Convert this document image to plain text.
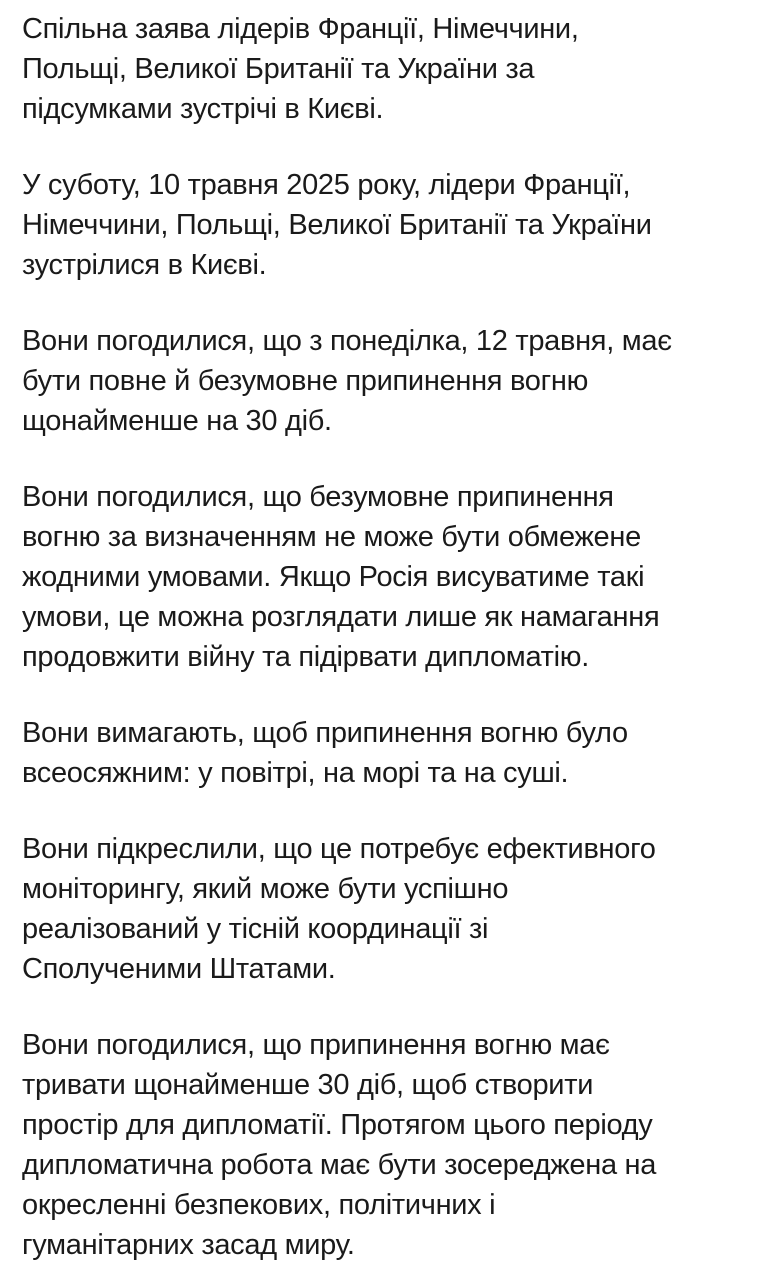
Спільна заява лідерів Франції, Німеччини,
Польщі, Великої Британії та України за
підсумками зустрічі в Києві.

У суботу, 10 травня 2025 року, лідери Франції,
Німеччини, Польщі, Великої Британії та України
зустрілися в Києві.

Вони погодилися, що з понеділка, 12 травня, має
бути повне й безумовне припинення вогню
щонайменше на 30 діб.

Вони погодилися, що безумовне припинення
вогню за визначенням не може бути обмежене
жодними умовами. Якщо Росія висуватиме такі
умови, це можна розглядати лише як намагання
продовжити війну та підірвати дипломатію.

Вони вимагають, щоб припинення вогню було
всеосяжним: у повітрі, на морі та на суші.

Вони підкреслили, що це потребує ефективного
моніторингу, який може бути успішно
реалізований у тісній координації зі
Сполученими Штатами.

Вони погодилися, що припинення вогню має
тривати щонайменше 30 діб, щоб створити
простір для дипломатії. Протягом цього періоду
дипломатична робота має бути зосереджена на
окресленні безпекових, політичних і
гуманітарних засад миру.
